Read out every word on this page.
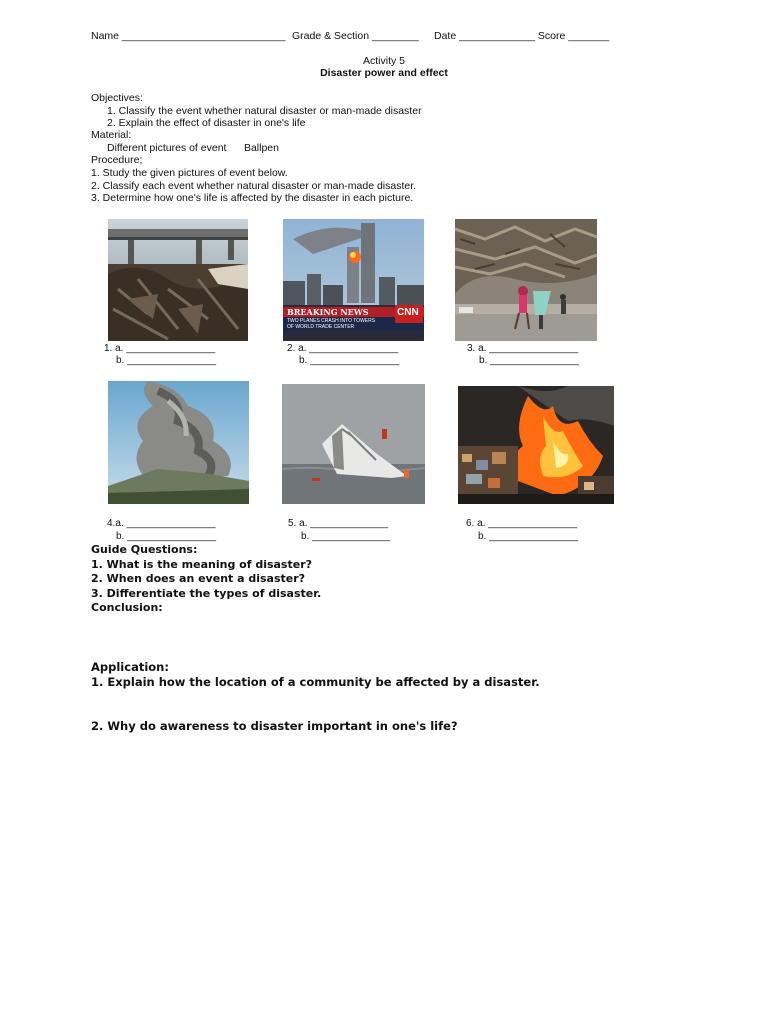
Name ____________________________ Grade & Section ________ Date _____________ Score _______
Activity 5
Disaster power and effect
Objectives:
1. Classify the event whether natural disaster or man-made disaster
2. Explain the effect of disaster in one's life
Material:
Different pictures of event      Ballpen
Procedure;
1. Study the given pictures of event below.
2. Classify each event whether natural disaster or man-made disaster.
3. Determine how one's life is affected by the disaster in each picture.
1. a. ________________
b. ________________
BREAKING NEWS
TWO PLANES CRASH INTO TOWERS
OF WORLD TRADE CENTER
CNN
2. a. ________________
b. ________________
3. a. ________________
b. ________________
4.a. ________________
b. ________________
5. a. ______________
b. ______________
6. a. ________________
b. ________________
Guide Questions:
1. What is the meaning of disaster?
2. When does an event a disaster?
3. Differentiate the types of disaster.
Conclusion:
Application:
1. Explain how the location of a community be affected by a disaster.
2. Why do awareness to disaster important in one's life?
